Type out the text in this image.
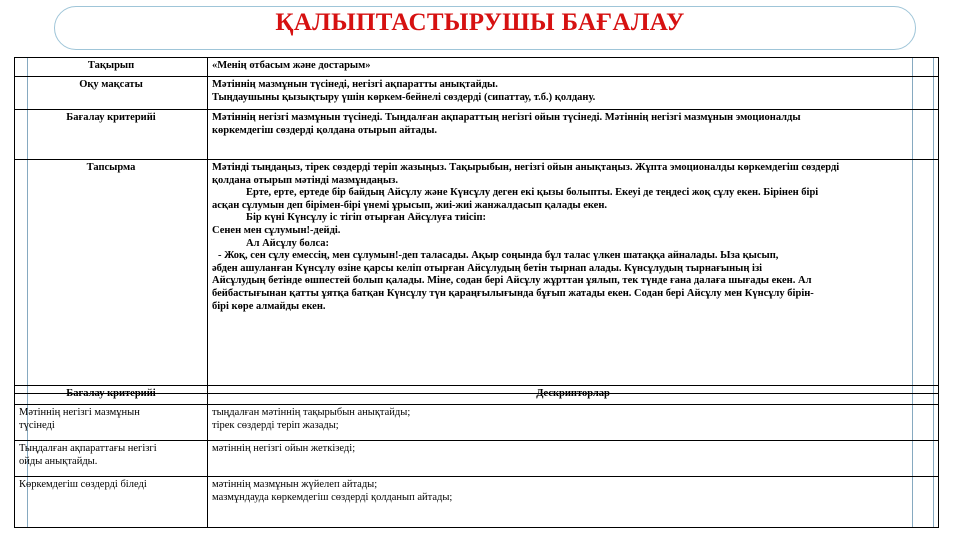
ҚАЛЫПТАСТЫРУШЫ БАҒАЛАУ
Тақырып	«Менің отбасым және достарым»

Оқу мақсаты	Мәтіннің мазмұнын түсінеді, негізгі ақпаратты анықтайды.
Тыңдаушыны қызықтыру үшін көркем-бейнелі сөздерді (сипаттау, т.б.) қолдану.

Бағалау критерийі	Мәтіннің негізгі мазмұнын түсінеді. Тыңдалған ақпараттың негізгі ойын түсінеді. Мәтіннің негізгі мазмұнын эмоционалды
көркемдегіш сөздерді қолдана отырып айтады.

Тапсырма	Мәтінді тыңдаңыз, тірек сөздерді теріп жазыңыз. Тақырыбын, негізгі ойын анықтаңыз. Жұпта эмоционалды көркемдегіш сөздерді
қолдана отырып мәтінді мазмұндаңыз.
Ерте, ерте, ертеде бір байдың Айсұлу және Күнсұлу деген екі қызы болыпты. Екеуі де теңдесі жоқ сұлу екен. Бірінен бірі
асқан сұлумын деп бірімен-бірі үнемі ұрысып, жиі-жиі жанжалдасып қалады екен.
Бір күні Күнсұлу іс тігіп отырған Айсұлуға тиісіп:
Сенен мен сұлумын!-дейді.
Ал Айсұлу болса:
- Жоқ, сен сұлу емессің, мен сұлумын!-деп таласады. Ақыр соңында бұл талас үлкен шатаққа айналады. Ыза қысып,
әбден ашуланған Күнсұлу өзіне қарсы келіп отырған Айсұлудың бетін тырнап алады. Күнсұлудың тырнағының ізі
Айсұлудың бетінде өшпестей болып қалады. Міне, содан бері Айсұлу жұрттан ұялып, тек түнде ғана далаға шығады екен. Ал
бейбастығынан қатты ұятқа батқан Күнсұлу түн қараңғылығында бұғып жатады екен. Содан бері Айсұлу мен Күнсұлу бірін-
бірі көре алмайды екен.
Бағалау критерийі	Дескрипторлар

Мәтіннің негізгі мазмұнын
түсінеді	тыңдалған мәтіннің тақырыбын анықтайды;
тірек сөздерді теріп жазады;

Тыңдалған ақпараттағы негізгі
ойды анықтайды.	мәтіннің негізгі ойын жеткізеді;

Көркемдегіш сөздерді біледі	мәтіннің мазмұнын жүйелеп айтады;
мазмұндауда көркемдегіш сөздерді қолданып айтады;
